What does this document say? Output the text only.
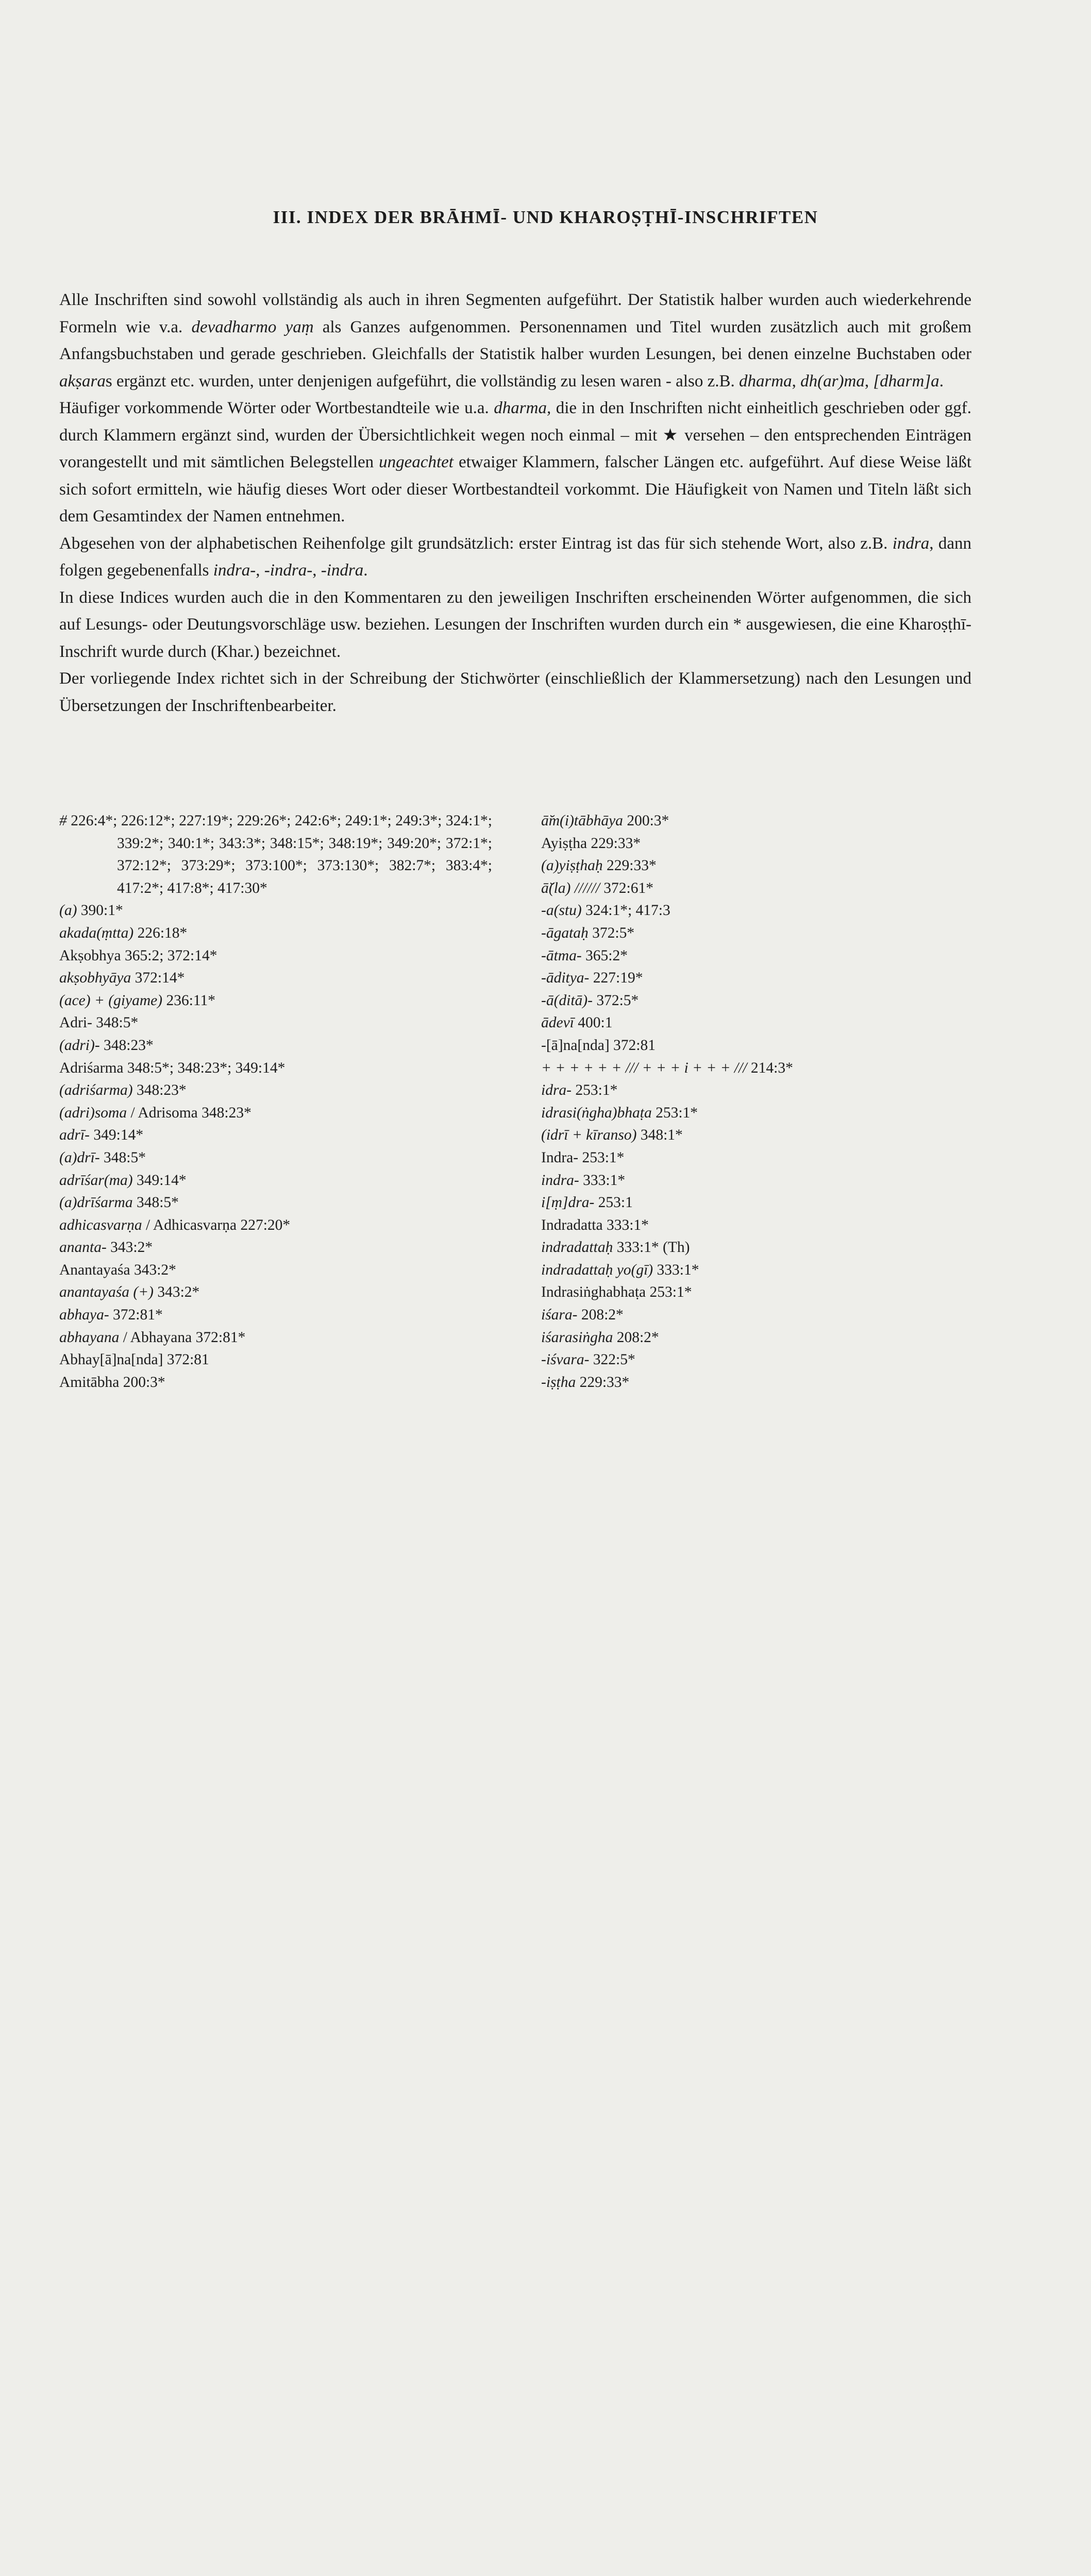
III. INDEX DER BRĀHMĪ- UND KHAROṢṬHĪ-INSCHRIFTEN

Alle Inschriften sind sowohl vollständig als auch in ihren Segmenten aufgeführt. Der Statistik halber wurden auch wiederkehrende Formeln wie v.a. devadharmo yaṃ als Ganzes aufgenommen. Personennamen und Titel wurden zusätzlich auch mit großem Anfangsbuchstaben und gerade geschrieben. Gleichfalls der Statistik halber wurden Lesungen, bei denen einzelne Buchstaben oder akṣaras ergänzt etc. wurden, unter denjenigen aufgeführt, die vollständig zu lesen waren - also z.B. dharma, dh(ar)ma, [dharm]a.

Häufiger vorkommende Wörter oder Wortbestandteile wie u.a. dharma, die in den Inschriften nicht einheitlich geschrieben oder ggf. durch Klammern ergänzt sind, wurden der Übersichtlichkeit wegen noch einmal – mit ★ versehen – den entsprechenden Einträgen vorangestellt und mit sämtlichen Belegstellen ungeachtet etwaiger Klammern, falscher Längen etc. aufgeführt. Auf diese Weise läßt sich sofort ermitteln, wie häufig dieses Wort oder dieser Wortbestandteil vorkommt. Die Häufigkeit von Namen und Titeln läßt sich dem Gesamtindex der Namen entnehmen.

Abgesehen von der alphabetischen Reihenfolge gilt grundsätzlich: erster Eintrag ist das für sich stehende Wort, also z.B. indra, dann folgen gegebenenfalls indra-, -indra-, -indra.

In diese Indices wurden auch die in den Kommentaren zu den jeweiligen Inschriften erscheinenden Wörter aufgenommen, die sich auf Lesungs- oder Deutungsvorschläge usw. beziehen. Lesungen der Inschriften wurden durch ein * ausgewiesen, die eine Kharoṣṭhī-Inschrift wurde durch (Khar.) bezeichnet.

Der vorliegende Index richtet sich in der Schreibung der Stichwörter (einschließlich der Klammersetzung) nach den Lesungen und Übersetzungen der Inschriftenbearbeiter.

# 226:4*; 226:12*; 227:19*; 229:26*; 242:6*; 249:1*; 249:3*; 324:1*; 339:2*; 340:1*; 343:3*; 348:15*; 348:19*; 349:20*; 372:1*; 372:12*; 373:29*; 373:100*; 373:130*; 382:7*; 383:4*; 417:2*; 417:8*; 417:30*
(a) 390:1*
akada(ṃtta) 226:18*
Akṣobhya 365:2; 372:14*
akṣobhyāya 372:14*
(ace) + (giyame) 236:11*
Adri- 348:5*
(adri)- 348:23*
Adriśarma 348:5*; 348:23*; 349:14*
(adriśarma) 348:23*
(adri)soma / Adrisoma 348:23*
adrī- 349:14*
(a)drī- 348:5*
adrīśar(ma) 349:14*
(a)drīśarma 348:5*
adhicasvarṇa / Adhicasvarṇa 227:20*
ananta- 343:2*
Anantayaśa 343:2*
anantayaśa (+) 343:2*
abhaya- 372:81*
abhayana / Abhayana 372:81*
Abhay[ā]na[nda] 372:81
Amitābha 200:3*
ā̆m(i)tābhāya 200:3*
Ayiṣṭha 229:33*
(a)yiṣṭhaḥ 229:33*
ā̆(la) ////// 372:61*
-a(stu) 324:1*; 417:3
-āgataḥ 372:5*
-ātma- 365:2*
-āditya- 227:19*
-ā(ditā)- 372:5*
ādevī 400:1
-[ā]na[nda] 372:81
+ + + + + + /// + + + i + + + /// 214:3*
idra- 253:1*
idrasi(ṅgha)bhaṭa 253:1*
(idrī + kīranso) 348:1*
Indra- 253:1*
indra- 333:1*
i[ṃ]dra- 253:1
Indradatta 333:1*
indradattaḥ 333:1* (Th)
indradattaḥ yo(gī) 333:1*
Indrasiṅghabhaṭa 253:1*
iśara- 208:2*
iśarasiṅgha 208:2*
-iśvara- 322:5*
-iṣṭha 229:33*
